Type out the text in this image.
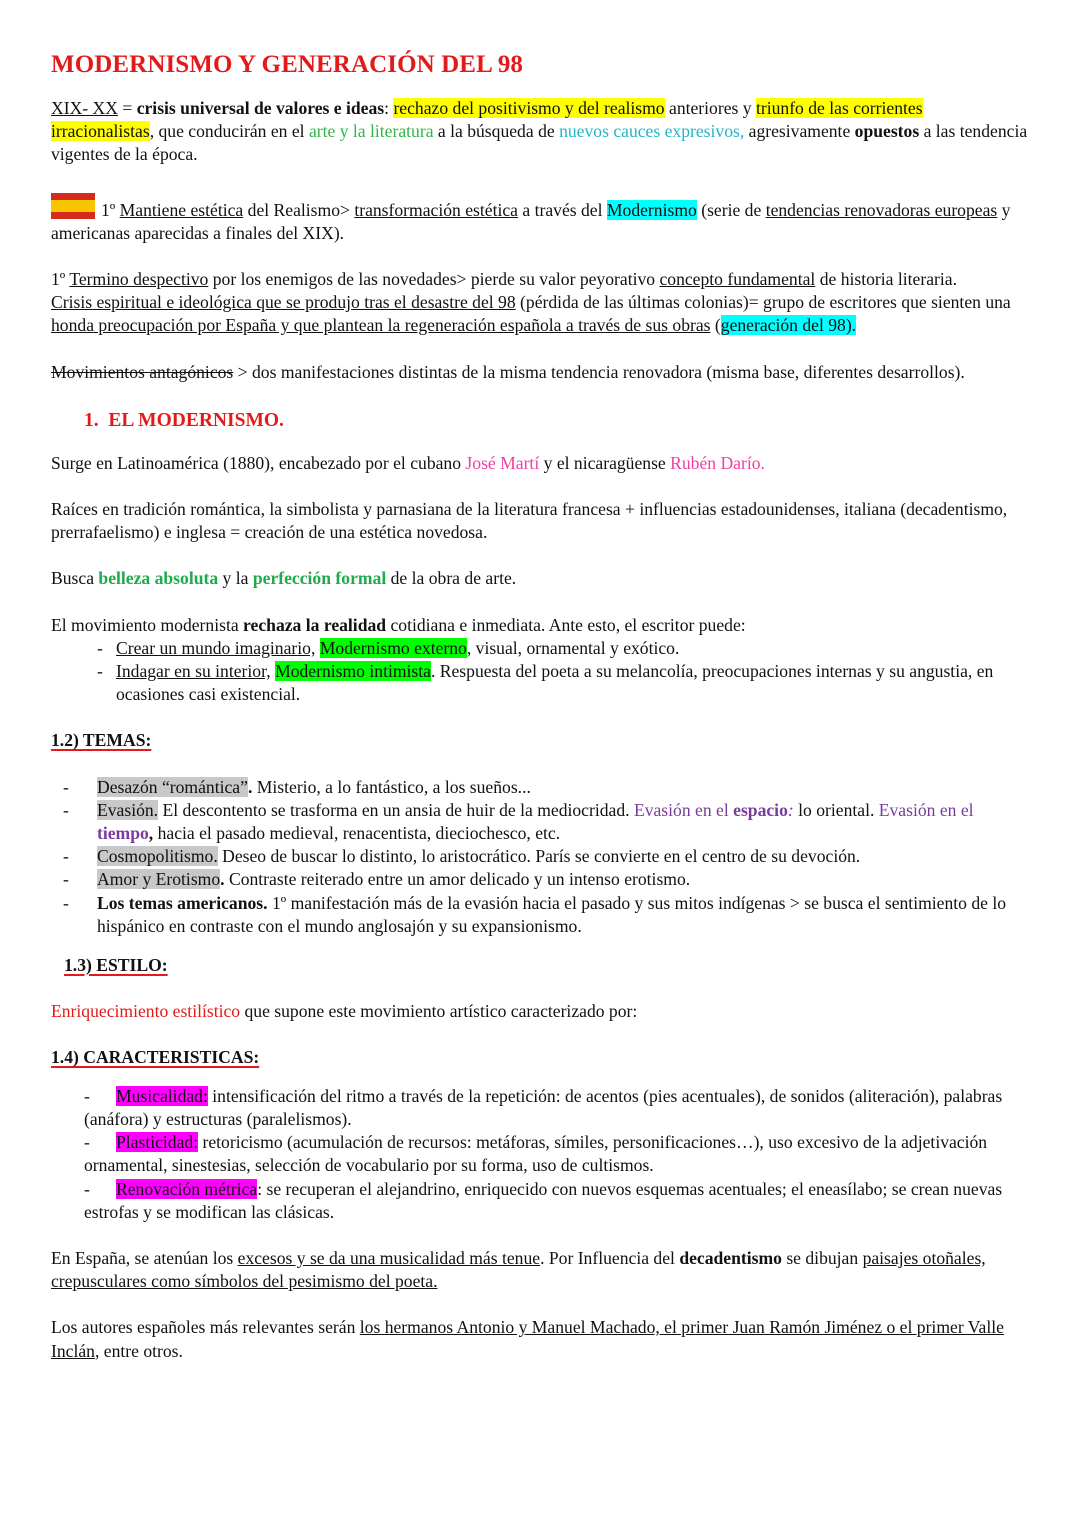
MODERNISMO Y GENERACIÓN DEL 98

XIX- XX = crisis universal de valores e ideas: rechazo del positivismo y del realismo anteriores y triunfo de las corrientes irracionalistas, que conducirán en el arte y la literatura a la búsqueda de nuevos cauces expresivos, agresivamente opuestos a las tendencia vigentes de la época.

1º Mantiene estética del Realismo> transformación estética a través del Modernismo (serie de tendencias renovadoras europeas y americanas aparecidas a finales del XIX).

1º Termino despectivo por los enemigos de las novedades> pierde su valor peyorativo concepto fundamental de historia literaria.
Crisis espiritual e ideológica que se produjo tras el desastre del 98 (pérdida de las últimas colonias)= grupo de escritores que sienten una honda preocupación por España y que plantean la regeneración española a través de sus obras (generación del 98).

Movimientos antagónicos > dos manifestaciones distintas de la misma tendencia renovadora (misma base, diferentes desarrollos).

1. EL MODERNISMO.

Surge en Latinoamérica (1880), encabezado por el cubano José Martí y el nicaragüense Rubén Darío.

Raíces en tradición romántica, la simbolista y parnasiana de la literatura francesa + influencias estadounidenses, italiana (decadentismo, prerrafaelismo) e inglesa = creación de una estética novedosa.

Busca belleza absoluta y la perfección formal de la obra de arte.

El movimiento modernista rechaza la realidad cotidiana e inmediata. Ante esto, el escritor puede:

- Crear un mundo imaginario, Modernismo externo, visual, ornamental y exótico.
- Indagar en su interior, Modernismo intimista. Respuesta del poeta a su melancolía, preocupaciones internas y su angustia, en ocasiones casi existencial.

1.2) TEMAS:

- Desazón “romántica”. Misterio, a lo fantástico, a los sueños...
- Evasión. El descontento se trasforma en un ansia de huir de la mediocridad. Evasión en el espacio: lo oriental. Evasión en el tiempo, hacia el pasado medieval, renacentista, dieciochesco, etc.
- Cosmopolitismo. Deseo de buscar lo distinto, lo aristocrático. París se convierte en el centro de su devoción.
- Amor y Erotismo. Contraste reiterado entre un amor delicado y un intenso erotismo.
- Los temas americanos. 1º manifestación más de la evasión hacia el pasado y sus mitos indígenas > se busca el sentimiento de lo hispánico en contraste con el mundo anglosajón y su expansionismo.

1.3) ESTILO:

Enriquecimiento estilístico que supone este movimiento artístico caracterizado por:

1.4) CARACTERISTICAS:

- Musicalidad: intensificación del ritmo a través de la repetición: de acentos (pies acentuales), de sonidos (aliteración), palabras (anáfora) y estructuras (paralelismos).
- Plasticidad: retoricismo (acumulación de recursos: metáforas, símiles, personificaciones…), uso excesivo de la adjetivación ornamental, sinestesias, selección de vocabulario por su forma, uso de cultismos.
- Renovación métrica: se recuperan el alejandrino, enriquecido con nuevos esquemas acentuales; el eneasílabo; se crean nuevas estrofas y se modifican las clásicas.

En España, se atenúan los excesos y se da una musicalidad más tenue. Por Influencia del decadentismo se dibujan paisajes otoñales, crepusculares como símbolos del pesimismo del poeta.

Los autores españoles más relevantes serán los hermanos Antonio y Manuel Machado, el primer Juan Ramón Jiménez o el primer Valle Inclán, entre otros.
